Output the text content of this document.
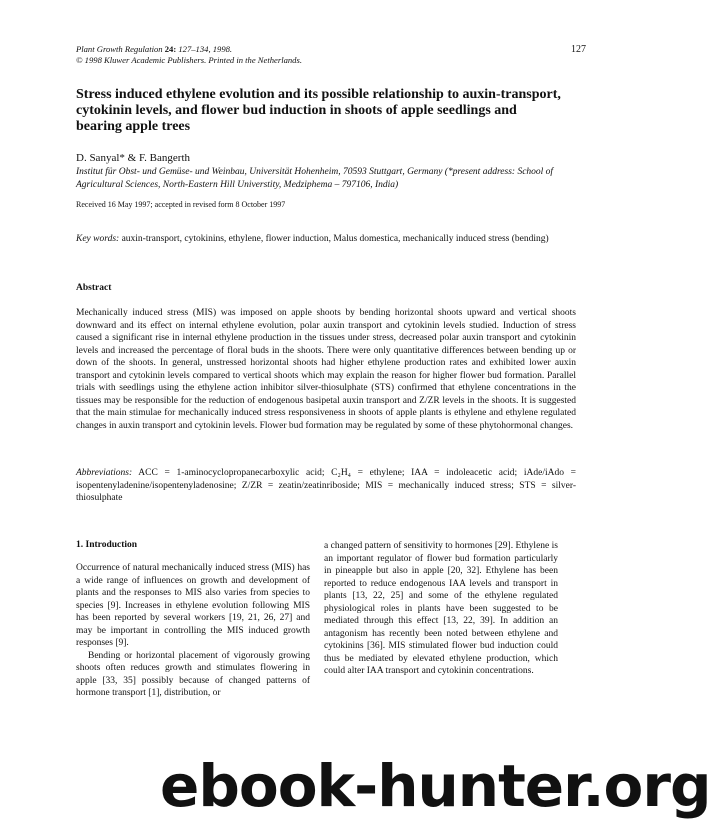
Plant Growth Regulation 24: 127–134, 1998.
© 1998 Kluwer Academic Publishers. Printed in the Netherlands.
127
Stress induced ethylene evolution and its possible relationship to auxin-transport, cytokinin levels, and flower bud induction in shoots of apple seedlings and bearing apple trees
D. Sanyal* & F. Bangerth
Institut für Obst- und Gemüse- und Weinbau, Universität Hohenheim, 70593 Stuttgart, Germany (*present address: School of Agricultural Sciences, North-Eastern Hill Universtity, Medziphema – 797106, India)
Received 16 May 1997; accepted in revised form 8 October 1997
Key words: auxin-transport, cytokinins, ethylene, flower induction, Malus domestica, mechanically induced stress (bending)
Abstract
Mechanically induced stress (MIS) was imposed on apple shoots by bending horizontal shoots upward and vertical shoots downward and its effect on internal ethylene evolution, polar auxin transport and cytokinin levels studied. Induction of stress caused a significant rise in internal ethylene production in the tissues under stress, decreased polar auxin transport and cytokinin levels and increased the percentage of floral buds in the shoots. There were only quantitative differences between bending up or down of the shoots. In general, unstressed horizontal shoots had higher ethylene production rates and exhibited lower auxin transport and cytokinin levels compared to vertical shoots which may explain the reason for higher flower bud formation. Parallel trials with seedlings using the ethylene action inhibitor silver-thiosulphate (STS) confirmed that ethylene concentrations in the tissues may be responsible for the reduction of endogenous basipetal auxin transport and Z/ZR levels in the shoots. It is suggested that the main stimulae for mechanically induced stress responsiveness in shoots of apple plants is ethylene and ethylene regulated changes in auxin transport and cytokinin levels. Flower bud formation may be regulated by some of these phytohormonal changes.
Abbreviations: ACC = 1-aminocyclopropanecarboxylic acid; C₂H₄ = ethylene; IAA = indoleacetic acid; iAde/iAdo = isopentenyladenine/isopentenyladenosine; Z/ZR = zeatin/zeatinriboside; MIS = mechanically induced stress; STS = silver-thiosulphate
1. Introduction

Occurrence of natural mechanically induced stress (MIS) has a wide range of influences on growth and development of plants and the responses to MIS also varies from species to species [9]. Increases in ethylene evolution following MIS has been reported by several workers [19, 21, 26, 27] and may be important in controlling the MIS induced growth responses [9].

Bending or horizontal placement of vigorously growing shoots often reduces growth and stimulates flowering in apple [33, 35] possibly because of changed patterns of hormone transport [1], distribution, or

a changed pattern of sensitivity to hormones [29]. Ethylene is an important regulator of flower bud formation particularly in pineapple but also in apple [20, 32]. Ethylene has been reported to reduce endogenous IAA levels and transport in plants [13, 22, 25] and some of the ethylene regulated physiological roles in plants have been suggested to be mediated through this effect [13, 22, 39]. In addition an antagonism has recently been noted between ethylene and cytokinins [36]. MIS stimulated flower bud induction could thus be mediated by elevated ethylene production, which could alter IAA transport and cytokinin concentrations.

ebook-hunter.org
